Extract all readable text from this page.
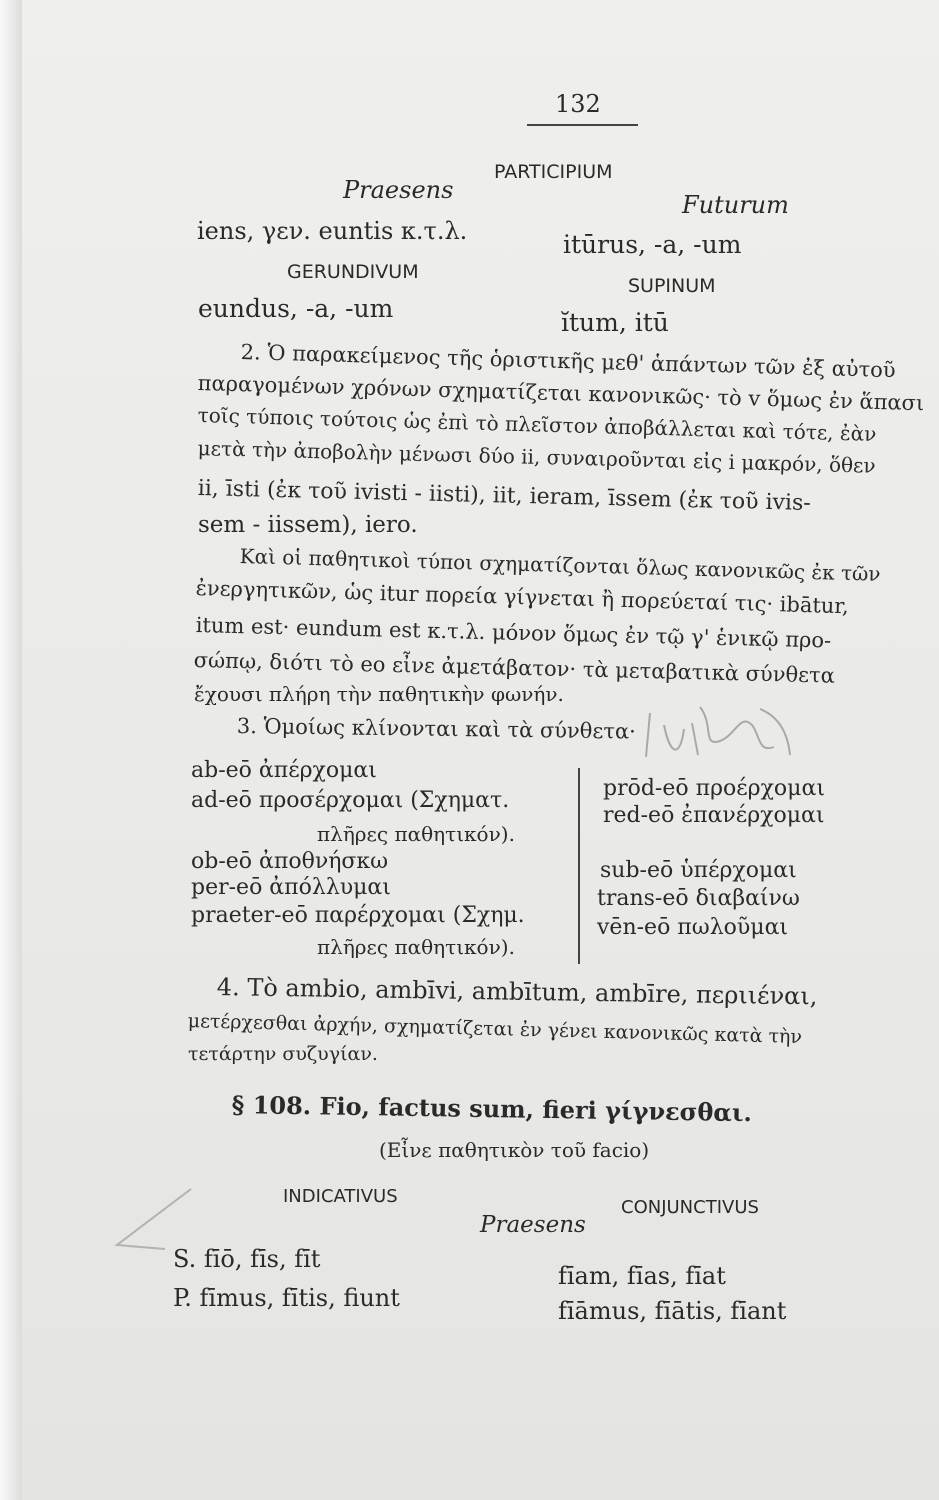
132
PARTICIPIUM
Praesens
Futurum
iens, γεν. euntis κ.τ.λ.	itūrus, -a, -um
GERUNDIVUM
SUPINUM
eundus, -a, -um	ĭtum, itū
2. Ὁ παρακείμενος τῆς ὁριστικῆς μεθ' ἁπάντων τῶν ἐξ αὐτοῦ
παραγομένων χρόνων σχηματίζεται κανονικῶς· τὸ v ὅμως ἐν ἅπασι
τοῖς τύποις τούτοις ὡς ἐπὶ τὸ πλεῖστον ἀποβάλλεται καὶ τότε, ἐὰν
μετὰ τὴν ἀποβολὴν μένωσι δύο ii, συναιροῦνται εἰς i μακρόν, ὅθεν
ii, īsti (ἐκ τοῦ ivisti - iisti), iit, ieram, īssem (ἐκ τοῦ ivis-
sem - iissem), iero.
Καὶ οἱ παθητικοὶ τύποι σχηματίζονται ὅλως κανονικῶς ἐκ τῶν
ἐνεργητικῶν, ὡς itur πορεία γίγνεται ἢ πορεύεταί τις· ibātur,
itum est· eundum est κ.τ.λ. μόνον ὅμως ἐν τῷ γ' ἑνικῷ προ-
σώπῳ, διότι τὸ eo εἶνε ἀμετάβατον· τὰ μεταβατικὰ σύνθετα
ἔχουσι πλήρη τὴν παθητικὴν φωνήν.
3. Ὁμοίως κλίνονται καὶ τὰ σύνθετα·
ab-eō ἀπέρχομαι
ad-eō προσέρχομαι (Σχηματ.
πλῆρες παθητικόν).
ob-eō ἀποθνήσκω
per-eō ἀπόλλυμαι
praeter-eō παρέρχομαι (Σχημ.
πλῆρες παθητικόν).
prōd-eō προέρχομαι
red-eō ἐπανέρχομαι
sub-eō ὑπέρχομαι
trans-eō διαβαίνω
vēn-eō πωλοῦμαι
4. Τὸ ambio, ambīvi, ambītum, ambīre, περιιέναι,
μετέρχεσθαι ἀρχήν, σχηματίζεται ἐν γένει κανονικῶς κατὰ τὴν
τετάρτην συζυγίαν.
§ 108. Fio, factus sum, fieri γίγνεσθαι.
(Εἶνε παθητικὸν τοῦ facio)
INDICATIVUS
CONJUNCTIVUS
Praesens
S. fīō, fīs, fīt
P. fīmus, fītis, fiunt
fīam, fīas, fīat
fīāmus, fīātis, fīant
